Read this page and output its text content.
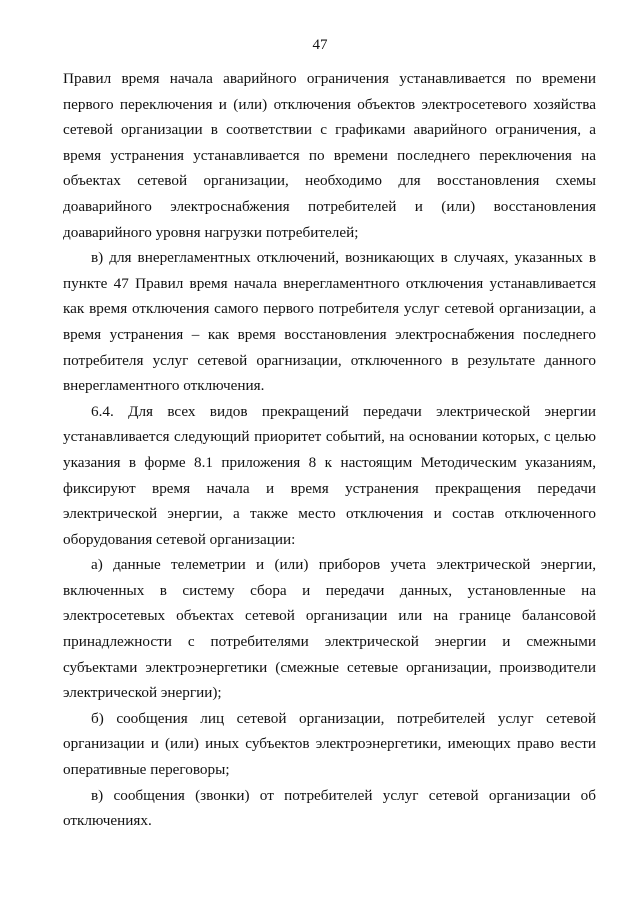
47

Правил время начала аварийного ограничения устанавливается по времени первого переключения и (или) отключения объектов электросетевого хозяйства сетевой организации в соответствии с графиками аварийного ограничения, а время устранения устанавливается по времени последнего переключения на объектах сетевой организации, необходимо для восстановления схемы доаварийного электроснабжения потребителей и (или) восстановления доаварийного уровня нагрузки потребителей;

в) для внерегламентных отключений, возникающих в случаях, указанных в пункте 47 Правил время начала внерегламентного отключения устанавливается как время отключения самого первого потребителя услуг сетевой организации, а время устранения – как время восстановления электроснабжения последнего потребителя услуг сетевой орагнизации, отключенного в результате данного внерегламентного отключения.

6.4. Для всех видов прекращений передачи электрической энергии устанавливается следующий приоритет событий, на основании которых, с целью указания в форме 8.1 приложения 8 к настоящим Методическим указаниям, фиксируют время начала и время устранения прекращения передачи электрической энергии, а также место отключения и состав отключенного оборудования сетевой организации:

а) данные телеметрии и (или) приборов учета электрической энергии, включенных в систему сбора и передачи данных, установленные на электросетевых объектах сетевой организации или на границе балансовой принадлежности с потребителями электрической энергии и смежными субъектами электроэнергетики (смежные сетевые организации, производители электрической энергии);

б) сообщения лиц сетевой организации, потребителей услуг сетевой организации и (или) иных субъектов электроэнергетики, имеющих право вести оперативные переговоры;

в) сообщения (звонки) от потребителей услуг сетевой организации об отключениях.
